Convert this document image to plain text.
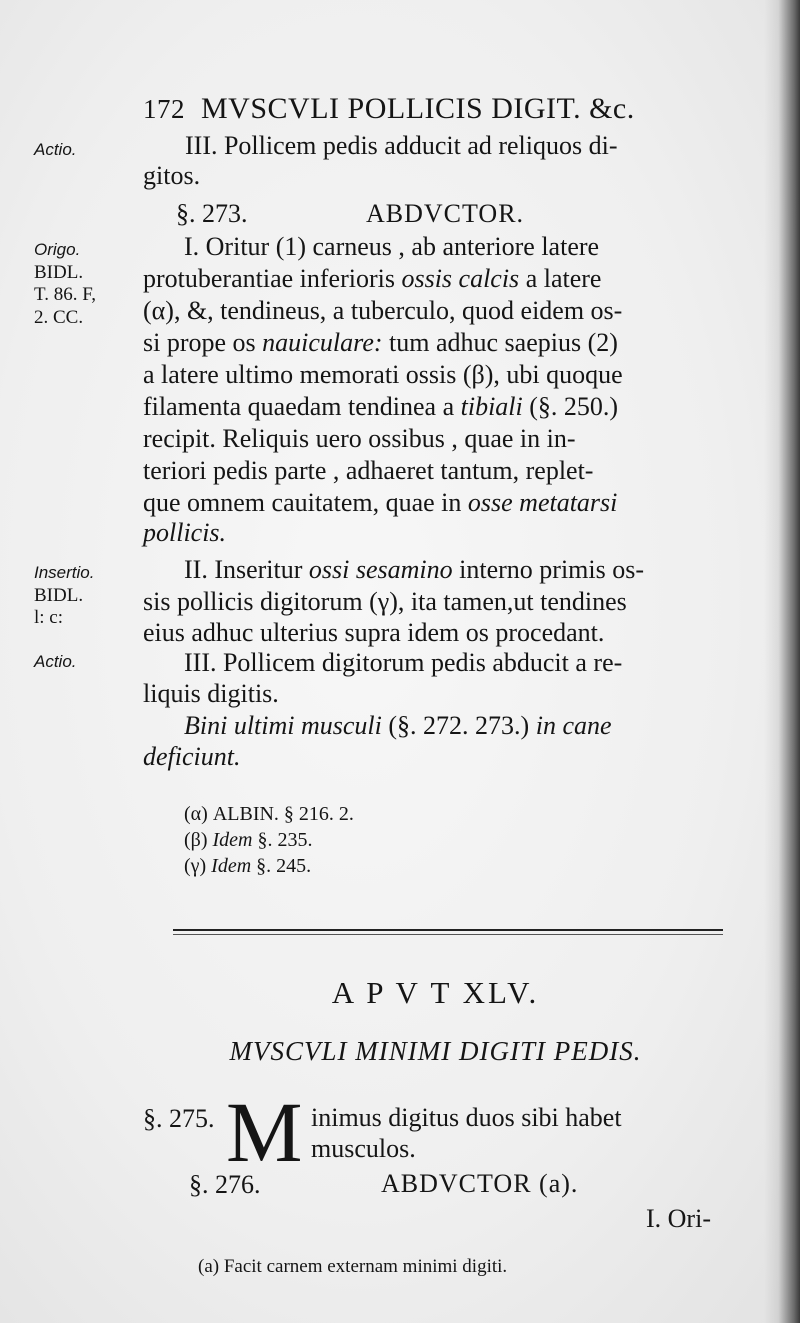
172 MVSCVLI POLLICIS DIGIT. &c.
Actio.
Origo.
BIDL.
T. 86. F,
2. CC.
Insertio.
BIDL.
l: c:
Actio.
III. Pollicem pedis adducit ad reliquos di-
gitos.
§. 273.	ABDVCTOR.
I. Oritur (1) carneus , ab anteriore latere
protuberantiae inferioris ossis calcis a latere
(α), &, tendineus, a tuberculo, quod eidem os-
si prope os nauiculare: tum adhuc saepius (2)
a latere ultimo memorati ossis (β), ubi quoque
filamenta quaedam tendinea a tibiali (§. 250.)
recipit. Reliquis uero ossibus , quae in in-
teriori pedis parte , adhaeret tantum, replet-
que omnem cauitatem, quae in osse metatarsi
pollicis.
II. Inseritur ossi sesamino interno primis os-
sis pollicis digitorum (γ), ita tamen,ut tendines
eius adhuc ulterius supra idem os procedant.
III. Pollicem digitorum pedis abducit a re-
liquis digitis.
Bini ultimi musculi (§. 272. 273.) in cane
deficiunt.
(α) ALBIN. § 216. 2.
(β) Idem §. 235.
(γ) Idem §. 245.
A P V T XLV.
MVSCVLI MINIMI DIGITI PEDIS.
§. 275. M inimus digitus duos sibi habet
musculos.
§. 276.	ABDVCTOR (a).
I. Ori-
(a) Facit carnem externam minimi digiti.
